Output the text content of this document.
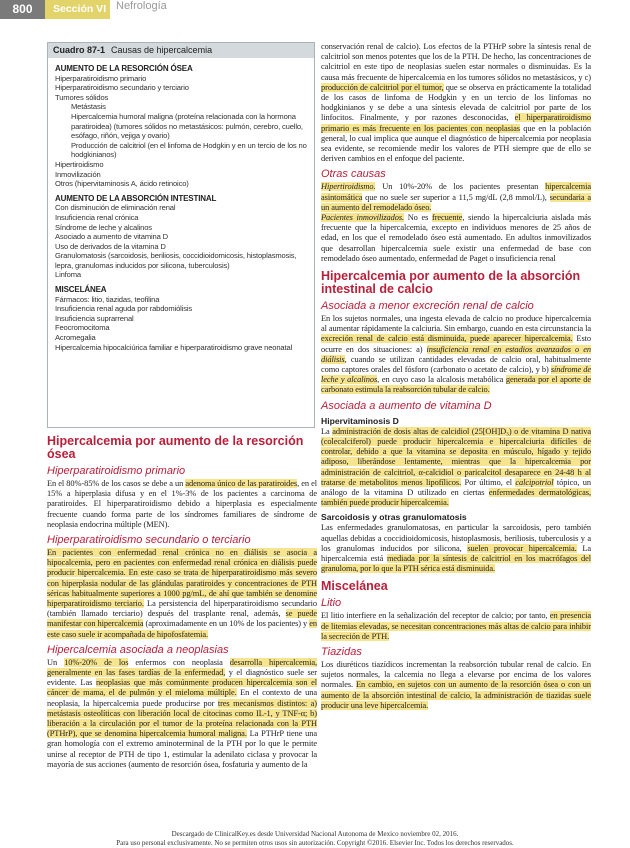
800	Sección VI Nefrología
Cuadro 87-1 Causas de hipercalcemia
AUMENTO DE LA RESORCIÓN ÓSEA
Hiperparatiroidismo primario
Hiperparatiroidismo secundario y terciario
Tumores sólidos
Metástasis
Hipercalcemia humoral maligna (proteína relacionada con la hormona paratiroidea) (tumores sólidos no metastásicos: pulmón, cerebro, cuello, esófago, riñón, vejiga y ovario)
Producción de calcitriol (en el linfoma de Hodgkin y en un tercio de los no hodgkinianos)
Hipertiroidismo
Inmovilización
Otros (hipervitaminosis A, ácido retinoico)
AUMENTO DE LA ABSORCIÓN INTESTINAL
Con disminución de eliminación renal
Insuficiencia renal crónica
Síndrome de leche y alcalinos
Asociado a aumento de vitamina D
Uso de derivados de la vitamina D
Granulomatosis (sarcoidosis, beriliosis, coccidioidomicosis, histoplasmosis, lepra, granulomas inducidos por silicona, tuberculosis)
Linfoma
MISCELÁNEA
Fármacos: litio, tiazidas, teofilina
Insuficiencia renal aguda por rabdomiólisis
Insuficiencia suprarrenal
Feocromocitoma
Acromegalia
Hipercalcemia hipocalciúrica familiar e hiperparatiroidismo grave neonatal
Hipercalcemia por aumento de la resorción ósea
Hiperparatiroidismo primario

En el 80%-85% de los casos se debe a un adenoma único de las paratiroides, en el 15% a hiperplasia difusa y en el 1%-3% de los pacientes a carcinoma de paratiroides. El hiperparatiroidismo debido a hiperplasia es especialmente frecuente cuando forma parte de los síndromes familiares de síndrome de neoplasia endocrina múltiple (MEN).

Hiperparatiroidismo secundario o terciario

En pacientes con enfermedad renal crónica no en diálisis se asocia a hipocalcemia, pero en pacientes con enfermedad renal crónica en diálisis puede producir hipercalcemia. En este caso se trata de hiperparatiroidismo más severo con hiperplasia nodular de las glándulas paratiroides y concentraciones de PTH séricas habitualmente superiores a 1000 pg/mL, de ahí que también se denomine hiperparatiroidismo terciario. La persistencia del hiperparatiroidismo secundario (también llamado terciario) después del trasplante renal, además, se puede manifestar con hipercalcemia (aproximadamente en un 10% de los pacientes) y en este caso suele ir acompañada de hipofosfatemia.

Hipercalcemia asociada a neoplasias

Un 10%-20% de los enfermos con neoplasia desarrolla hipercalcemia, generalmente en las fases tardías de la enfermedad, y el diagnóstico suele ser evidente. Las neoplasias que más comúnmente producen hipercalcemia son el cáncer de mama, el de pulmón y el mieloma múltiple. En el contexto de una neoplasia, la hipercalcemia puede producirse por tres mecanismos distintos: a) metástasis osteolíticas con liberación local de citocinas como IL-1, y TNF-α; b) liberación a la circulación por el tumor de la proteína relacionada con la PTH (PTHrP), que se denomina hipercalcemia humoral maligna. La PTHrP tiene una gran homología con el extremo aminoterminal de la PTH por lo que le permite unirse al receptor de PTH de tipo 1, estimular la adenilato ciclasa y provocar la mayoría de sus acciones (aumento de resorción ósea, fosfaturia y aumento de la

conservación renal de calcio). Los efectos de la PTHrP sobre la síntesis renal de calcitriol son menos potentes que los de la PTH. De hecho, las concentraciones de calcitriol en este tipo de neoplasias suelen estar normales o disminuidas. Es la causa más frecuente de hipercalcemia en los tumores sólidos no metastásicos, y c) producción de calcitriol por el tumor, que se observa en prácticamente la totalidad de los casos de linfoma de Hodgkin y en un tercio de los linfomas no hodgkinianos y se debe a una síntesis elevada de calcitriol por parte de los linfocitos. Finalmente, y por razones desconocidas, el hiperparatiroidismo primario es más frecuente en los pacientes con neoplasias que en la población general, lo cual implica que aunque el diagnóstico de hipercalcemia por neoplasia sea evidente, se recomiende medir los valores de PTH siempre que de ello se deriven cambios en el enfoque del paciente.

Otras causas

Hipertiroidismo. Un 10%-20% de los pacientes presentan hipercalcemia asintomática que no suele ser superior a 11,5 mg/dL (2,8 mmol/L), secundaria a un aumento del remodelado óseo.

Pacientes inmovilizados. No es frecuente, siendo la hipercalciuria aislada más frecuente que la hipercalcemia, excepto en individuos menores de 25 años de edad, en los que el remodelado óseo está aumentado. En adultos inmovilizados que desarrollan hipercalcemia suele existir una enfermedad de base con remodelado óseo aumentado, enfermedad de Paget o insuficiencia renal

Hipercalcemia por aumento de la absorción intestinal de calcio
Asociada a menor excreción renal de calcio

En los sujetos normales, una ingesta elevada de calcio no produce hipercalcemia al aumentar rápidamente la calciuria. Sin embargo, cuando en esta circunstancia la excreción renal de calcio está disminuida, puede aparecer hipercalcemia. Esto ocurre en dos situaciones: a) insuficiencia renal en estadios avanzados o en diálisis, cuando se utilizan cantidades elevadas de calcio oral, habitualmente como captores orales del fósforo (carbonato o acetato de calcio), y b) síndrome de leche y alcalinos, en cuyo caso la alcalosis metabólica generada por el aporte de carbonato estimula la reabsorción tubular de calcio.

Asociada a aumento de vitamina D
Hipervitaminosis D

La administración de dosis altas de calcidiol (25[OH]D₃) o de vitamina D nativa (colecalciferol) puede producir hipercalcemia e hipercalciuria difíciles de controlar, debido a que la vitamina se deposita en músculo, hígado y tejido adiposo, liberándose lentamente, mientras que la hipercalcemia por administración de calcitriol, α-calcidiol o paricalcitol desaparece en 24-48 h al tratarse de metabolitos menos lipofílicos. Por último, el calcipotriol tópico, un análogo de la vitamina D utilizado en ciertas enfermedades dermatológicas, también puede producir hipercalcemia.

Sarcoidosis y otras granulomatosis

Las enfermedades granulomatosas, en particular la sarcoidosis, pero también aquellas debidas a coccidioidomicosis, histoplasmosis, beriliosis, tuberculosis y a los granulomas inducidos por silicona, suelen provocar hipercalcemia. La hipercalcemia está mediada por la síntesis de calcitriol en los macrófagos del granuloma, por lo que la PTH sérica está disminuida.

Miscelánea
Litio

El litio interfiere en la señalización del receptor de calcio; por tanto, en presencia de litemias elevadas, se necesitan concentraciones más altas de calcio para inhibir la secreción de PTH.

Tiazidas

Los diuréticos tiazídicos incrementan la reabsorción tubular renal de calcio. En sujetos normales, la calcemia no llega a elevarse por encima de los valores normales. En cambio, en sujetos con un aumento de la resorción ósea o con un aumento de la absorción intestinal de calcio, la administración de tiazidas suele producir una leve hipercalcemia.

Descargado de ClinicalKey.es desde Universidad Nacional Autonoma de Mexico noviembre 02, 2016.
Para uso personal exclusivamente. No se permiten otros usos sin autorización. Copyright ©2016. Elsevier Inc. Todos los derechos reservados.
